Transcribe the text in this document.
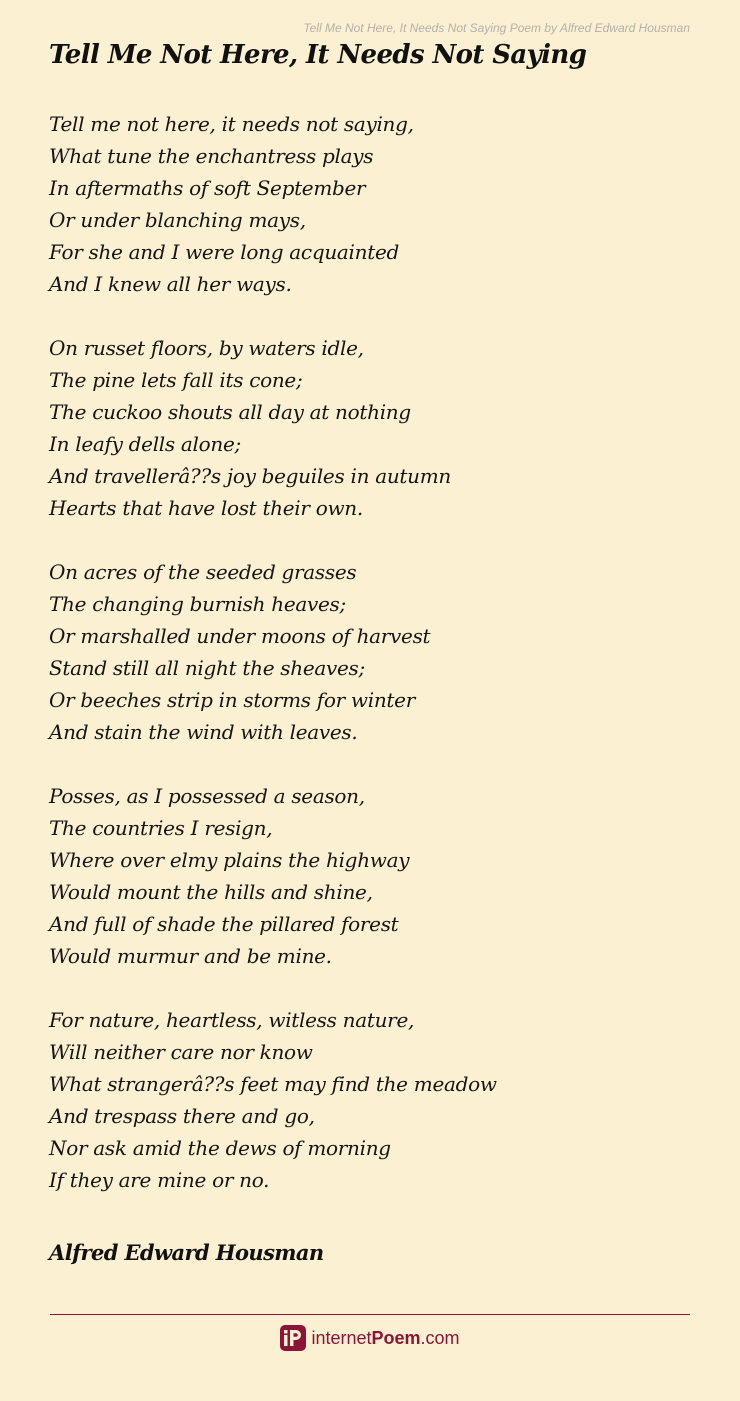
Tell Me Not Here, It Needs Not Saying Poem by Alfred Edward Housman
Tell Me Not Here, It Needs Not Saying
Tell me not here, it needs not saying,
What tune the enchantress plays
In aftermaths of soft September
Or under blanching mays,
For she and I were long acquainted
And I knew all her ways.
On russet floors, by waters idle,
The pine lets fall its cone;
The cuckoo shouts all day at nothing
In leafy dells alone;
And travellerâ??s joy beguiles in autumn
Hearts that have lost their own.
On acres of the seeded grasses
The changing burnish heaves;
Or marshalled under moons of harvest
Stand still all night the sheaves;
Or beeches strip in storms for winter
And stain the wind with leaves.
Posses, as I possessed a season,
The countries I resign,
Where over elmy plains the highway
Would mount the hills and shine,
And full of shade the pillared forest
Would murmur and be mine.
For nature, heartless, witless nature,
Will neither care nor know
What strangerâ??s feet may find the meadow
And trespass there and go,
Nor ask amid the dews of morning
If they are mine or no.
Alfred Edward Housman
internetPoem.com
